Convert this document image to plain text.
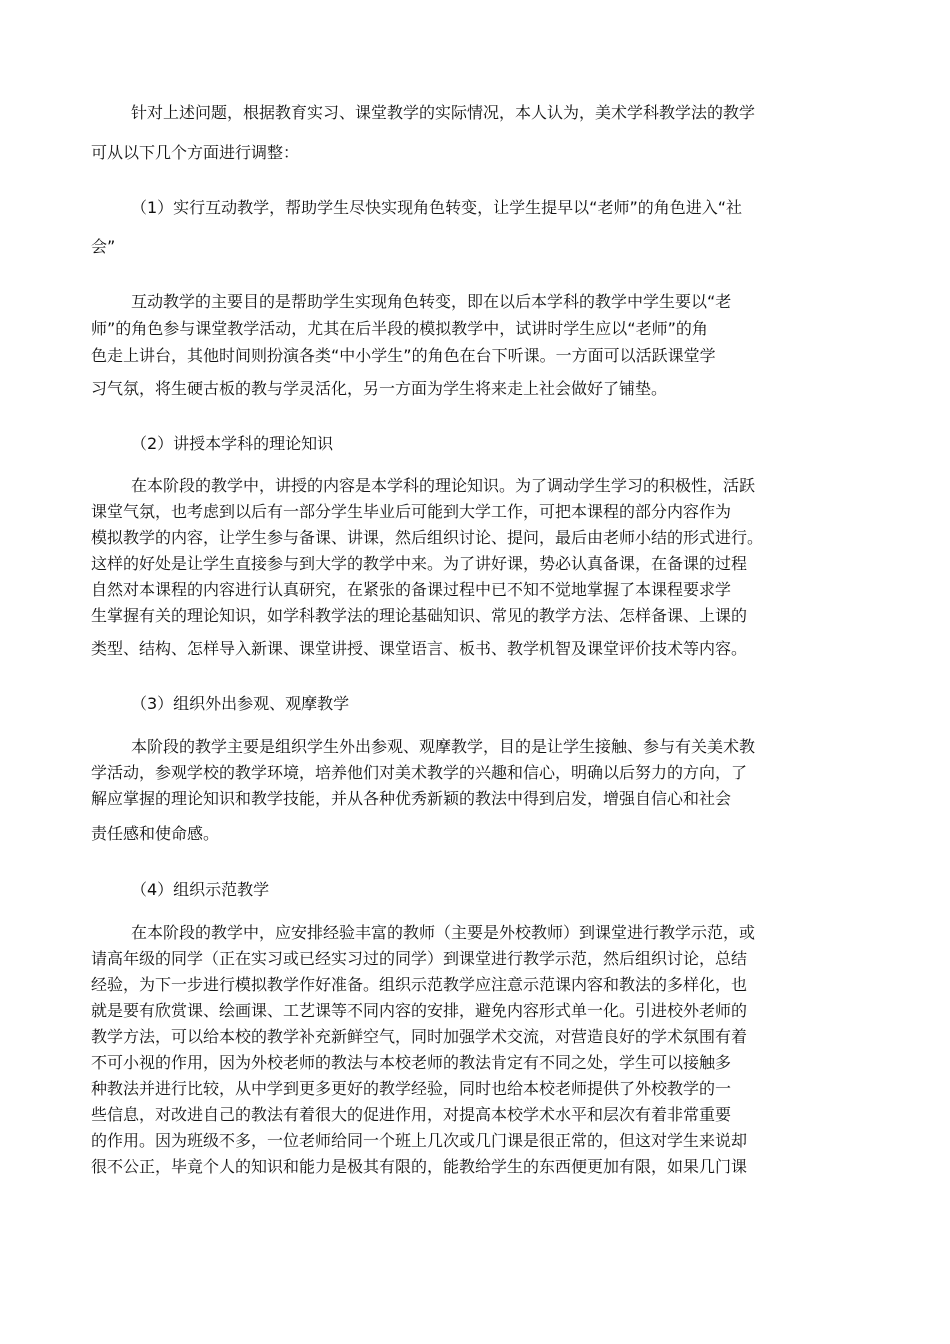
针对上述问题，根据教育实习、课堂教学的实际情况，本人认为，美术学科教学法的教学
可从以下几个方面进行调整：
（1）实行互动教学，帮助学生尽快实现角色转变，让学生提早以“老师”的角色进入“社
会”
互动教学的主要目的是帮助学生实现角色转变，即在以后本学科的教学中学生要以“老
师”的角色参与课堂教学活动，尤其在后半段的模拟教学中，试讲时学生应以“老师”的角
色走上讲台，其他时间则扮演各类“中小学生”的角色在台下听课。一方面可以活跃课堂学
习气氛，将生硬古板的教与学灵活化，另一方面为学生将来走上社会做好了铺垫。
（2）讲授本学科的理论知识
在本阶段的教学中，讲授的内容是本学科的理论知识。为了调动学生学习的积极性，活跃
课堂气氛，也考虑到以后有一部分学生毕业后可能到大学工作，可把本课程的部分内容作为
模拟教学的内容，让学生参与备课、讲课，然后组织讨论、提问，最后由老师小结的形式进行。
这样的好处是让学生直接参与到大学的教学中来。为了讲好课，势必认真备课，在备课的过程
自然对本课程的内容进行认真研究，在紧张的备课过程中已不知不觉地掌握了本课程要求学
生掌握有关的理论知识，如学科教学法的理论基础知识、常见的教学方法、怎样备课、上课的
类型、结构、怎样导入新课、课堂讲授、课堂语言、板书、教学机智及课堂评价技术等内容。
（3）组织外出参观、观摩教学
本阶段的教学主要是组织学生外出参观、观摩教学，目的是让学生接触、参与有关美术教
学活动，参观学校的教学环境，培养他们对美术教学的兴趣和信心，明确以后努力的方向，了
解应掌握的理论知识和教学技能，并从各种优秀新颖的教法中得到启发，增强自信心和社会
责任感和使命感。
（4）组织示范教学
在本阶段的教学中，应安排经验丰富的教师（主要是外校教师）到课堂进行教学示范，或
请高年级的同学（正在实习或已经实习过的同学）到课堂进行教学示范，然后组织讨论，总结
经验，为下一步进行模拟教学作好准备。组织示范教学应注意示范课内容和教法的多样化，也
就是要有欣赏课、绘画课、工艺课等不同内容的安排，避免内容形式单一化。引进校外老师的
教学方法，可以给本校的教学补充新鲜空气，同时加强学术交流，对营造良好的学术氛围有着
不可小视的作用，因为外校老师的教法与本校老师的教法肯定有不同之处，学生可以接触多
种教法并进行比较，从中学到更多更好的教学经验，同时也给本校老师提供了外校教学的一
些信息，对改进自己的教法有着很大的促进作用，对提高本校学术水平和层次有着非常重要
的作用。因为班级不多，一位老师给同一个班上几次或几门课是很正常的，但这对学生来说却
很不公正，毕竟个人的知识和能力是极其有限的，能教给学生的东西便更加有限，如果几门课
